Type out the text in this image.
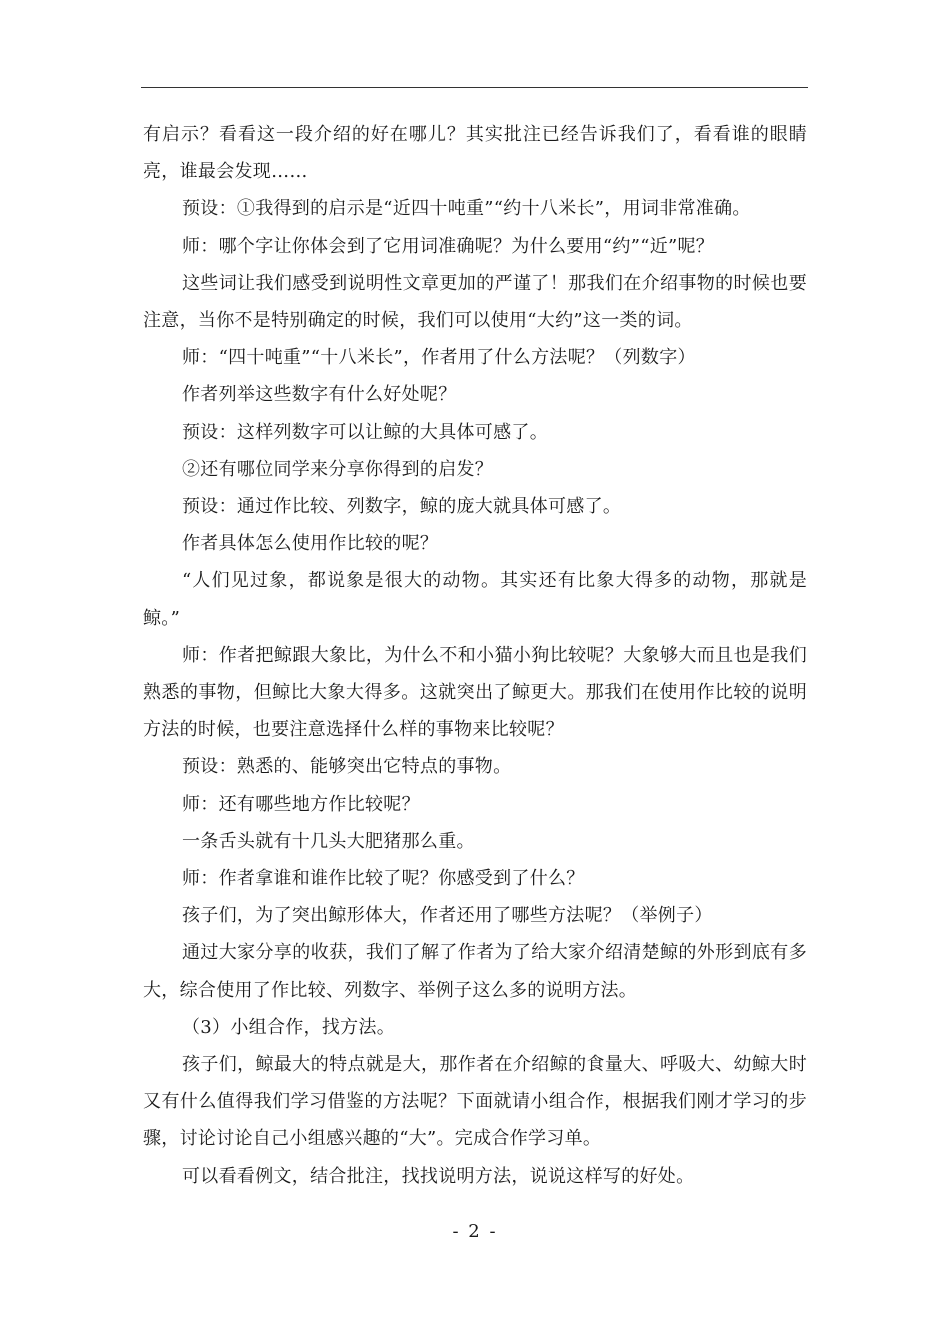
有启示？看看这一段介绍的好在哪儿？其实批注已经告诉我们了，看看谁的眼睛亮，谁最会发现……

预设：①我得到的启示是“近四十吨重”“约十八米长”，用词非常准确。

师：哪个字让你体会到了它用词准确呢？为什么要用“约”“近”呢？

这些词让我们感受到说明性文章更加的严谨了！那我们在介绍事物的时候也要注意，当你不是特别确定的时候，我们可以使用“大约”这一类的词。

师：“四十吨重”“十八米长”，作者用了什么方法呢？（列数字）

作者列举这些数字有什么好处呢？

预设：这样列数字可以让鲸的大具体可感了。

②还有哪位同学来分享你得到的启发？

预设：通过作比较、列数字，鲸的庞大就具体可感了。

作者具体怎么使用作比较的呢？

“人们见过象，都说象是很大的动物。其实还有比象大得多的动物，那就是鲸。”

师：作者把鲸跟大象比，为什么不和小猫小狗比较呢？大象够大而且也是我们熟悉的事物，但鲸比大象大得多。这就突出了鲸更大。那我们在使用作比较的说明方法的时候，也要注意选择什么样的事物来比较呢？

预设：熟悉的、能够突出它特点的事物。

师：还有哪些地方作比较呢？

一条舌头就有十几头大肥猪那么重。

师：作者拿谁和谁作比较了呢？你感受到了什么？

孩子们，为了突出鲸形体大，作者还用了哪些方法呢？（举例子）

通过大家分享的收获，我们了解了作者为了给大家介绍清楚鲸的外形到底有多大，综合使用了作比较、列数字、举例子这么多的说明方法。

（3）小组合作，找方法。

孩子们，鲸最大的特点就是大，那作者在介绍鲸的食量大、呼吸大、幼鲸大时又有什么值得我们学习借鉴的方法呢？下面就请小组合作，根据我们刚才学习的步骤，讨论讨论自己小组感兴趣的“大”。完成合作学习单。

可以看看例文，结合批注，找找说明方法，说说这样写的好处。

- 2 -
